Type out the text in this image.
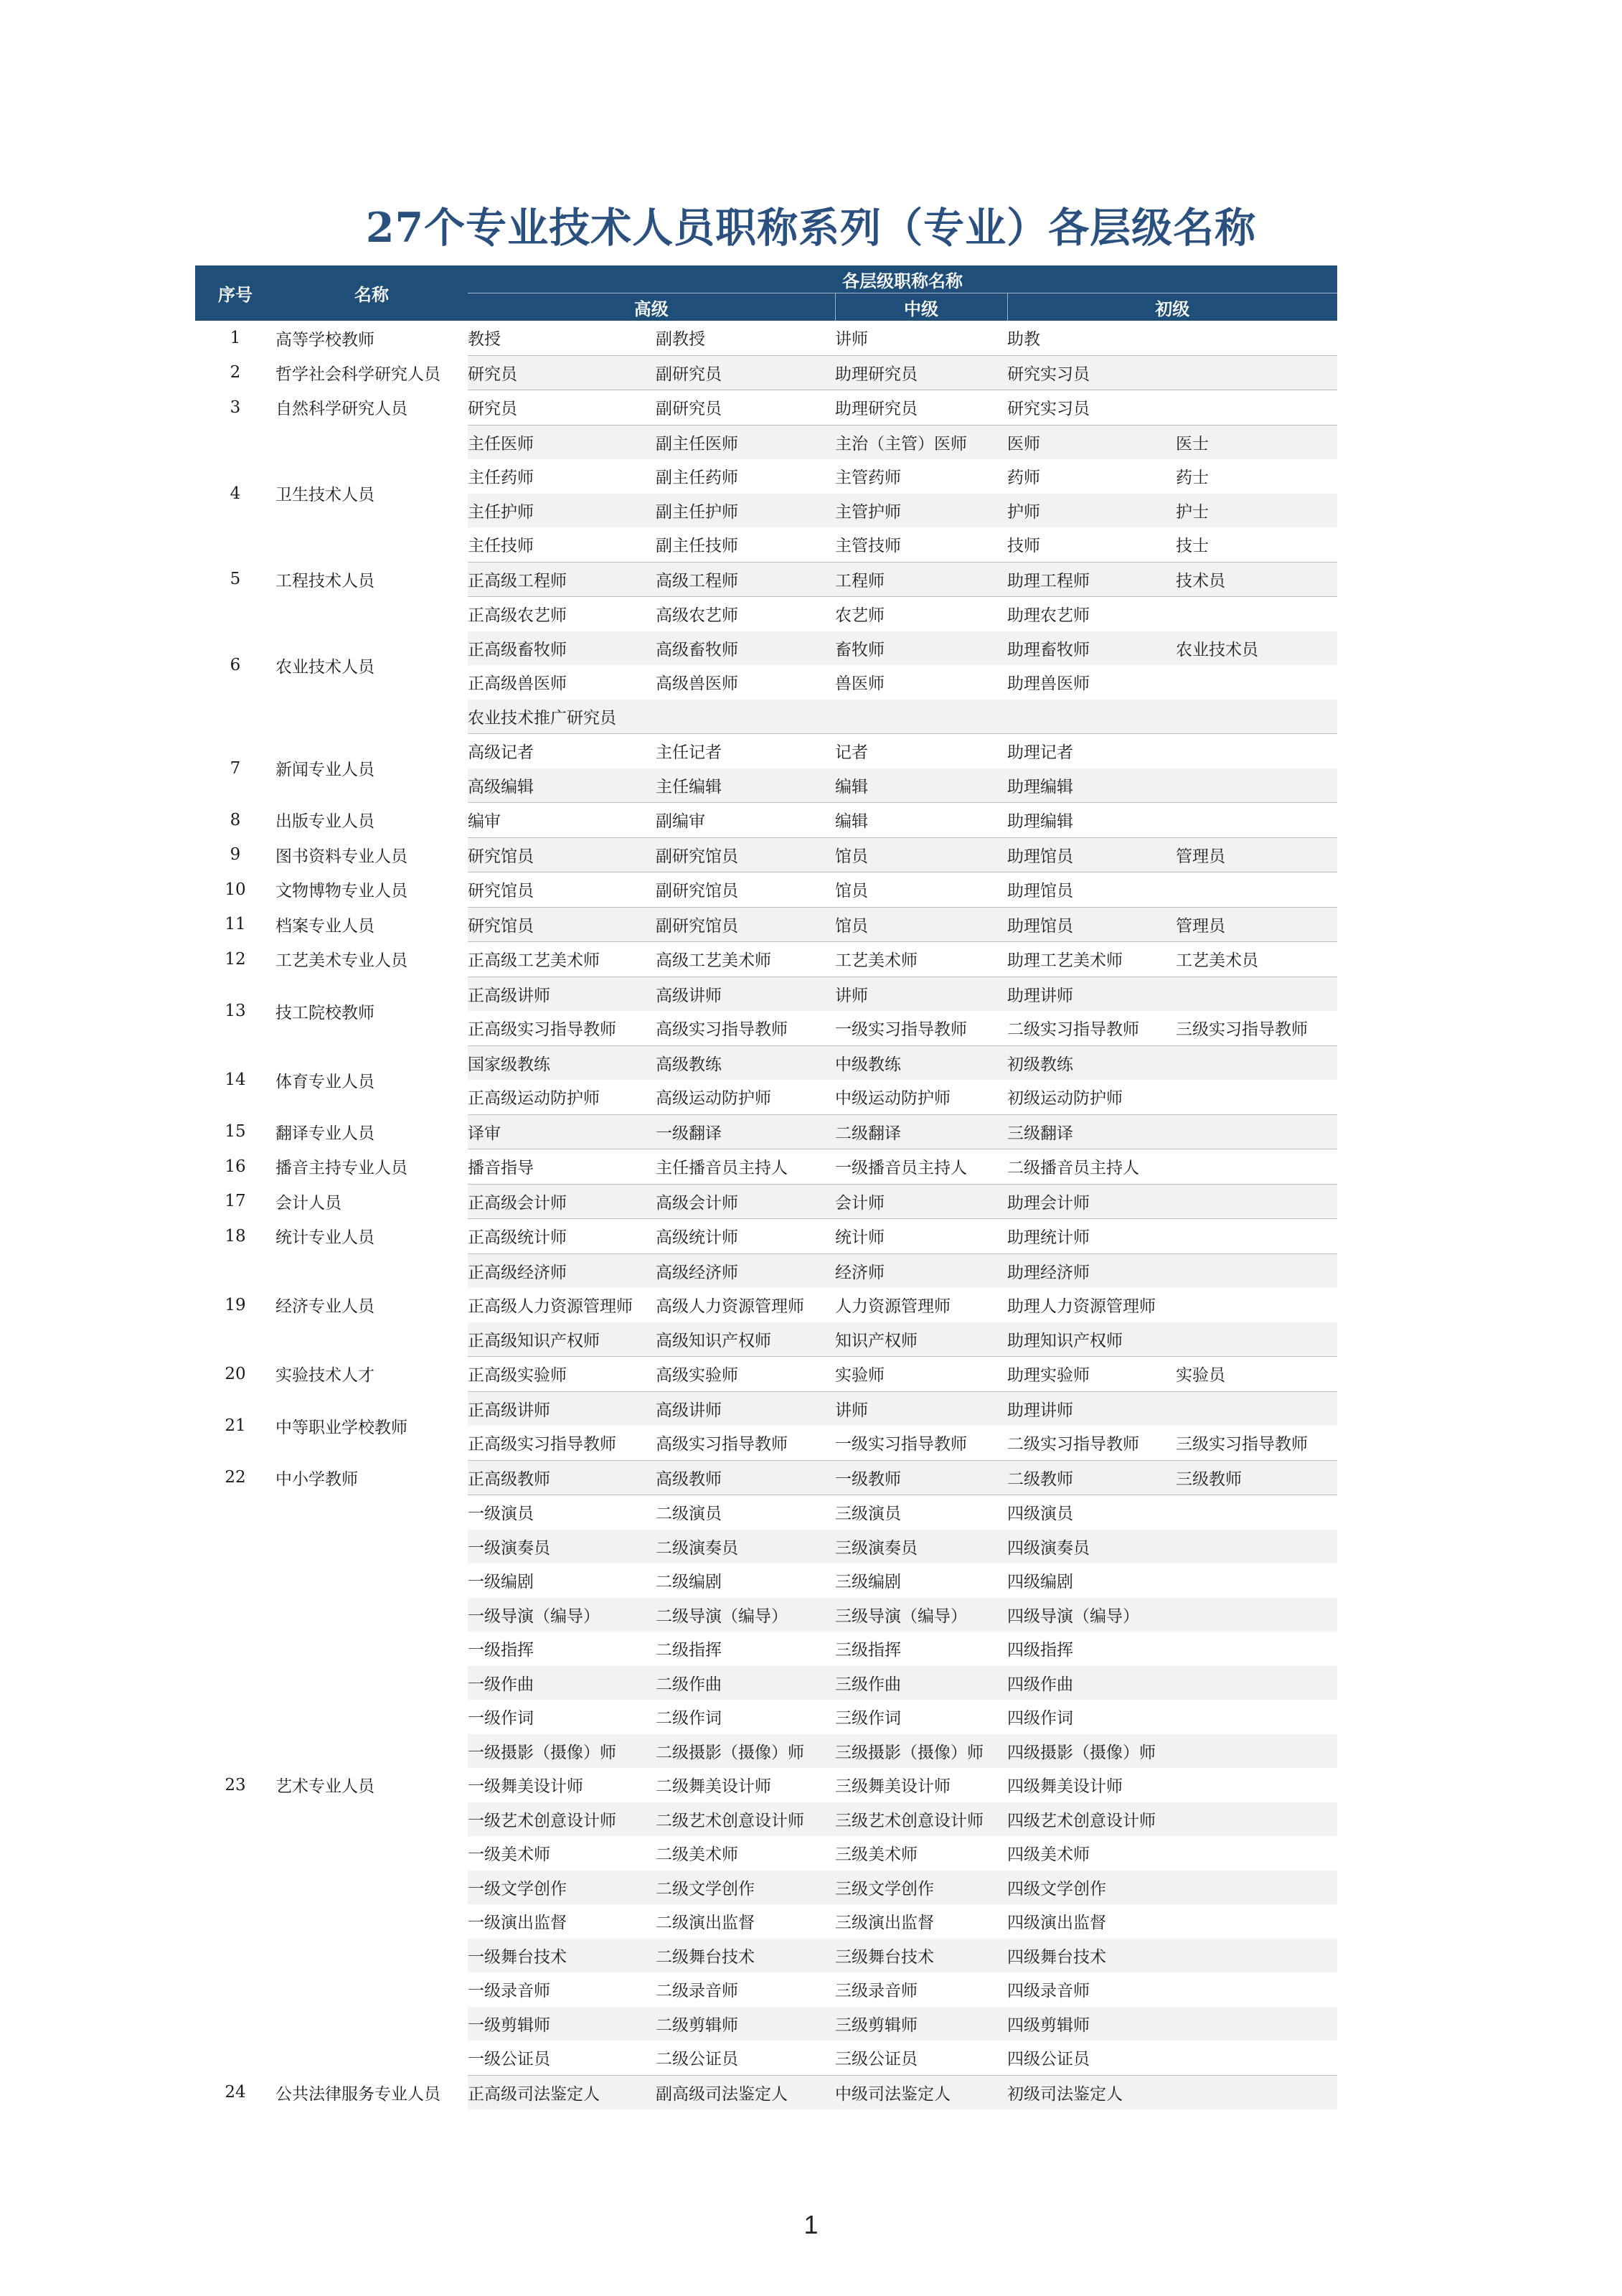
27个专业技术人员职称系列（专业）各层级名称
序号	名称	各层级职称名称				
		高级		中级	初级	
1	高等学校教师	教授	副教授	讲师	助教	
2	哲学社会科学研究人员	研究员	副研究员	助理研究员	研究实习员	
3	自然科学研究人员	研究员	副研究员	助理研究员	研究实习员	
4	卫生技术人员	主任医师	副主任医师	主治（主管）医师	医师	医士
		主任药师	副主任药师	主管药师	药师	药士
		主任护师	副主任护师	主管护师	护师	护士
		主任技师	副主任技师	主管技师	技师	技士
5	工程技术人员	正高级工程师	高级工程师	工程师	助理工程师	技术员
6	农业技术人员	正高级农艺师	高级农艺师	农艺师	助理农艺师	
		正高级畜牧师	高级畜牧师	畜牧师	助理畜牧师	农业技术员
		正高级兽医师	高级兽医师	兽医师	助理兽医师	
		农业技术推广研究员				
7	新闻专业人员	高级记者	主任记者	记者	助理记者	
		高级编辑	主任编辑	编辑	助理编辑	
8	出版专业人员	编审	副编审	编辑	助理编辑	
9	图书资料专业人员	研究馆员	副研究馆员	馆员	助理馆员	管理员
10	文物博物专业人员	研究馆员	副研究馆员	馆员	助理馆员	
11	档案专业人员	研究馆员	副研究馆员	馆员	助理馆员	管理员
12	工艺美术专业人员	正高级工艺美术师	高级工艺美术师	工艺美术师	助理工艺美术师	工艺美术员
13	技工院校教师	正高级讲师	高级讲师	讲师	助理讲师	
		正高级实习指导教师	高级实习指导教师	一级实习指导教师	二级实习指导教师	三级实习指导教师
14	体育专业人员	国家级教练	高级教练	中级教练	初级教练	
		正高级运动防护师	高级运动防护师	中级运动防护师	初级运动防护师	
15	翻译专业人员	译审	一级翻译	二级翻译	三级翻译	
16	播音主持专业人员	播音指导	主任播音员主持人	一级播音员主持人	二级播音员主持人	
17	会计人员	正高级会计师	高级会计师	会计师	助理会计师	
18	统计专业人员	正高级统计师	高级统计师	统计师	助理统计师	
19	经济专业人员	正高级经济师	高级经济师	经济师	助理经济师	
		正高级人力资源管理师	高级人力资源管理师	人力资源管理师	助理人力资源管理师	
		正高级知识产权师	高级知识产权师	知识产权师	助理知识产权师	
20	实验技术人才	正高级实验师	高级实验师	实验师	助理实验师	实验员
21	中等职业学校教师	正高级讲师	高级讲师	讲师	助理讲师	
		正高级实习指导教师	高级实习指导教师	一级实习指导教师	二级实习指导教师	三级实习指导教师
22	中小学教师	正高级教师	高级教师	一级教师	二级教师	三级教师
23	艺术专业人员	一级演员	二级演员	三级演员	四级演员	
		一级演奏员	二级演奏员	三级演奏员	四级演奏员	
		一级编剧	二级编剧	三级编剧	四级编剧	
		一级导演（编导）	二级导演（编导）	三级导演（编导）	四级导演（编导）	
		一级指挥	二级指挥	三级指挥	四级指挥	
		一级作曲	二级作曲	三级作曲	四级作曲	
		一级作词	二级作词	三级作词	四级作词	
		一级摄影（摄像）师	二级摄影（摄像）师	三级摄影（摄像）师	四级摄影（摄像）师	
		一级舞美设计师	二级舞美设计师	三级舞美设计师	四级舞美设计师	
		一级艺术创意设计师	二级艺术创意设计师	三级艺术创意设计师	四级艺术创意设计师	
		一级美术师	二级美术师	三级美术师	四级美术师	
		一级文学创作	二级文学创作	三级文学创作	四级文学创作	
		一级演出监督	二级演出监督	三级演出监督	四级演出监督	
		一级舞台技术	二级舞台技术	三级舞台技术	四级舞台技术	
		一级录音师	二级录音师	三级录音师	四级录音师	
		一级剪辑师	二级剪辑师	三级剪辑师	四级剪辑师	
		一级公证员	二级公证员	三级公证员	四级公证员	
24	公共法律服务专业人员	正高级司法鉴定人	副高级司法鉴定人	中级司法鉴定人	初级司法鉴定人	
1
